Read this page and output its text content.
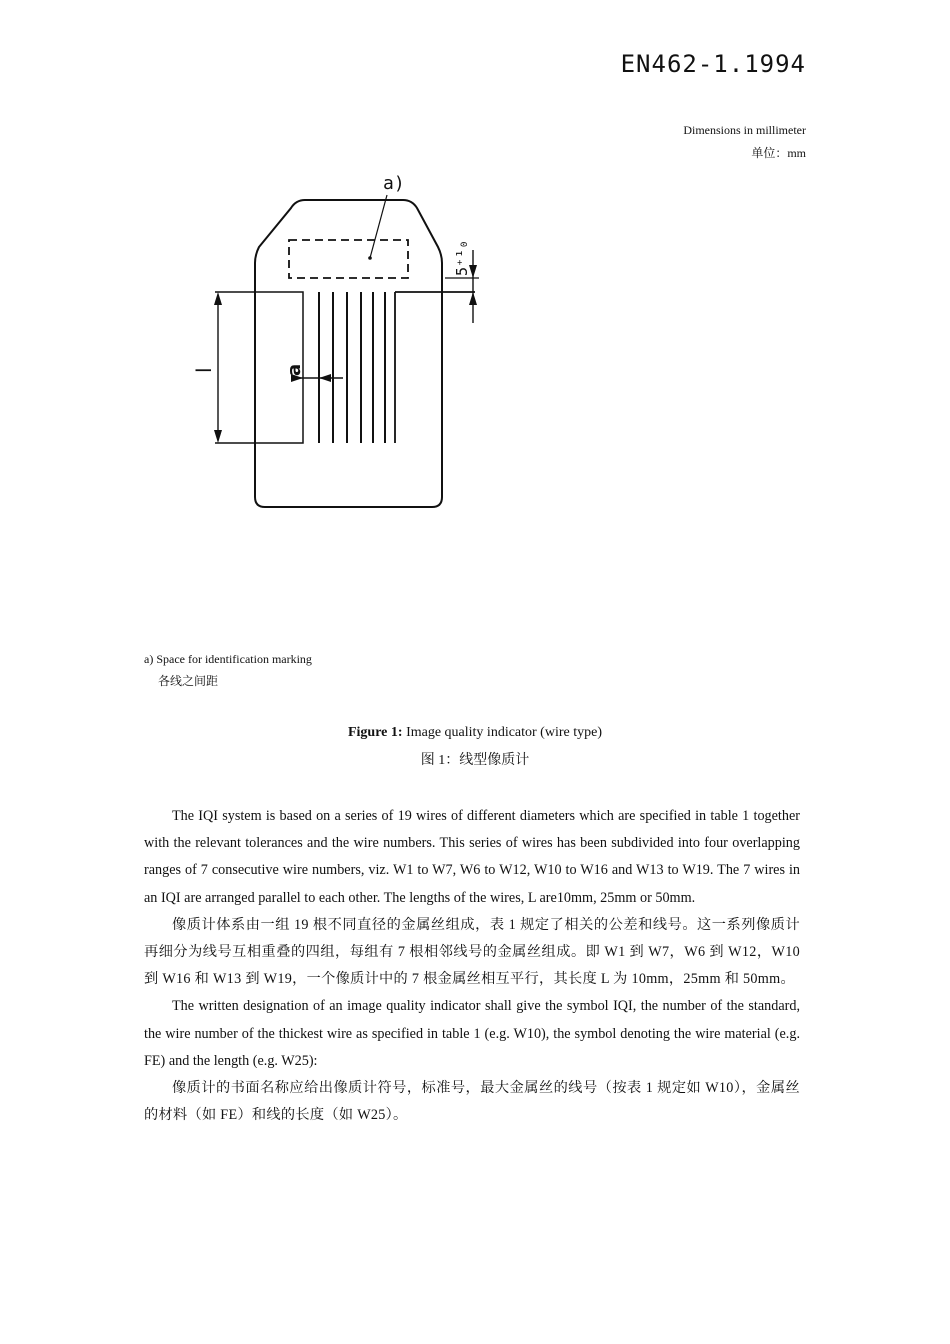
EN462-1.1994
Dimensions in millimeter
单位：mm
a)
a
l
5⁺¹₀
a) Space for identification marking
各线之间距
Figure 1: Image quality indicator (wire type)
图 1：线型像质计

The IQI system is based on a series of 19 wires of different diameters which are specified in table 1 together with the relevant tolerances and the wire numbers. This series of wires has been subdivided into four overlapping ranges of 7 consecutive wire numbers, viz. W1 to W7, W6 to W12, W10 to W16 and W13 to W19. The 7 wires in an IQI are arranged parallel to each other. The lengths of the wires, L are10mm, 25mm or 50mm.

像质计体系由一组 19 根不同直径的金属丝组成，表 1 规定了相关的公差和线号。这一系列像质计再细分为线号互相重叠的四组，每组有 7 根相邻线号的金属丝组成。即 W1 到 W7，W6 到 W12，W10 到 W16 和 W13 到 W19，一个像质计中的 7 根金属丝相互平行，其长度 L 为 10mm，25mm 和 50mm。

The written designation of an image quality indicator shall give the symbol IQI, the number of the standard, the wire number of the thickest wire as specified in table 1 (e.g. W10), the symbol denoting the wire material (e.g. FE) and the length (e.g. W25):

像质计的书面名称应给出像质计符号，标准号，最大金属丝的线号（按表 1 规定如 W10），金属丝的材料（如 FE）和线的长度（如 W25）。
